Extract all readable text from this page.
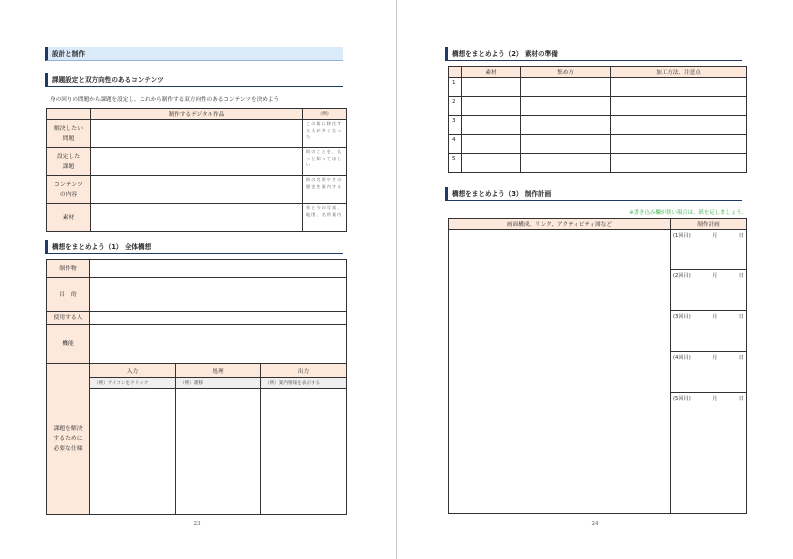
設計と制作
課題設定と双方向性のあるコンテンツ
身の回りの問題から課題を設定し、これから制作する双方向性のあるコンテンツを決めよう
	制作するデジタル作品	（例）
解決したい
問題		この街に移住する人が多くなった
設定した
課題		街のことを、もっと知ってほしい
コンテンツ
の内容		街の名所やその歴史を案内する
素材		昔と今の写真、地図、名所案内
構想をまとめよう（1） 全体構想
制作物			
目　的			
使用する人			
機能			
課題を解決
するために
必要な仕様	入力	処理	出力
	（例）アイコンをクリック	（例）遷移	（例）案内情報を表示する

23
構想をまとめよう（2） 素材の準備
	素材	集め方	加工方法、注意点
1			
2			
3			
4			
5			
構想をまとめよう（3） 制作計画
※書き込み欄が狭い場合は、紙を足しましょう。
画面構成、リンク、アクティビティ図など	制作計画

	(1回目) 月 日

	(2回目) 月 日

	(3回目) 月 日

	(4回目) 月 日

	(5回目) 月 日
24
